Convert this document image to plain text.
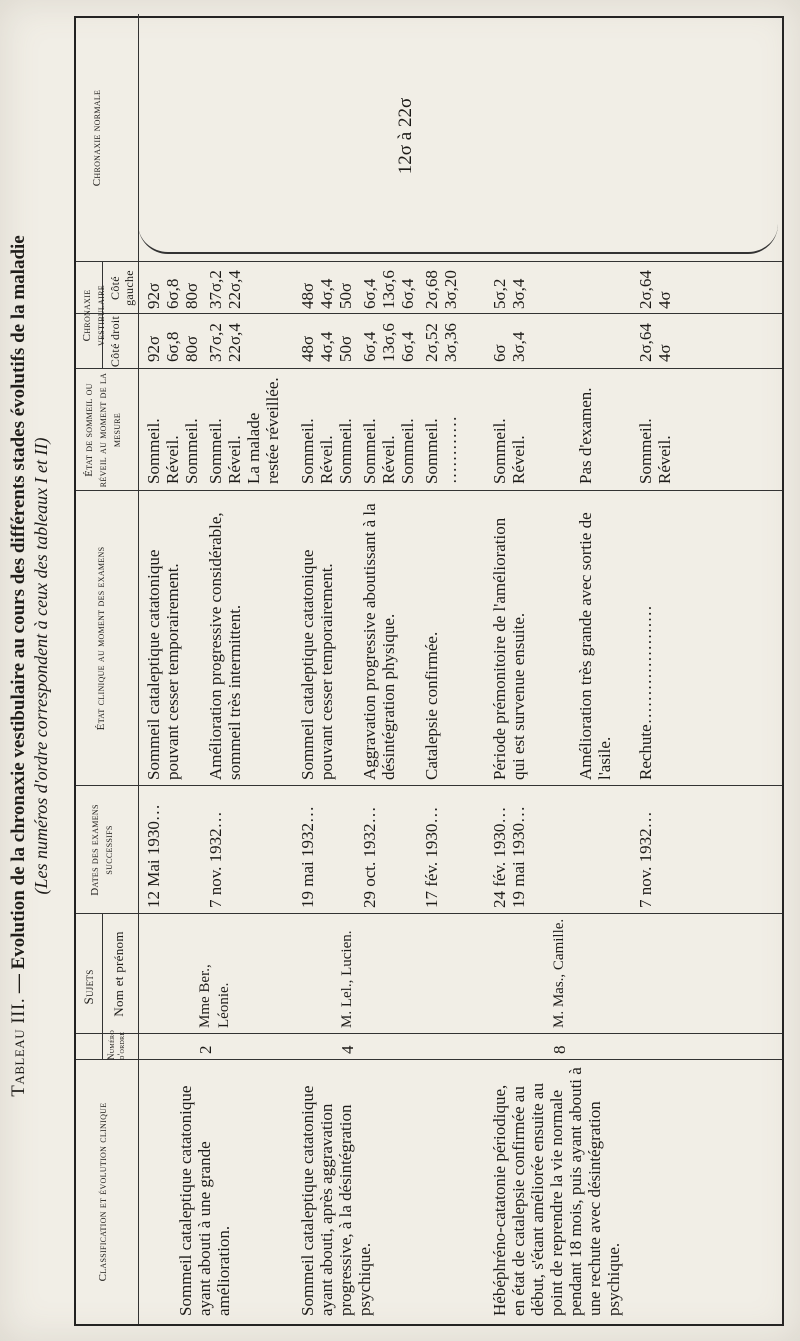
Tableau III. — Evolution de la chronaxie vestibulaire au cours des différents stades évolutifs de la maladie (Les numéros d'ordre correspondent à ceux des tableaux I et II)
Classification et évolution clinique
Sujets
Numéro d'ordre
Nom et prénom
Dates des examens successifs
État clinique au moment des examens
État de sommeil ou réveil au moment de la mesure
Chronaxie vestibulaire Côté droit
Côté gauche
Chronaxie normale	12σ à 22σ
Sommeil cataleptique catatonique ayant abouti à une grande amélioration.
2
Mme Ber., Léonie.
12 Mai 1930…
Sommeil cataleptique catatonique pouvant cesser temporairement.
Sommeil. Réveil. Sommeil.
92σ 6σ,8 80σ
92σ 6σ,8 80σ
7 nov. 1932…
Amélioration progressive considérable, sommeil très intermittent.
Sommeil. Réveil. La malade restée réveillée.
37σ,2 22σ,4
37σ,2 22σ,4
Sommeil cataleptique catatonique ayant abouti, après aggravation progressive, à la désintégration psychique.
4
M. Lel., Lucien.
19 mai 1932…
Sommeil cataleptique catatonique pouvant cesser temporairement.
Sommeil. Réveil. Sommeil.
48σ 4σ,4 50σ
48σ 4σ,4 50σ
29 oct. 1932…
Aggravation progressive aboutissant à la désintégration physique.
Sommeil. Réveil. Sommeil.
6σ,4 13σ,6 6σ,4
6σ,4 13σ,6 6σ,4
17 fév. 1930…
Catalepsie confirmée.
Sommeil. …………
2σ,52 3σ,36
2σ,68 3σ,20
Hébéphréno-catatonie périodique, en état de catalepsie confirmée au début, s'étant améliorée ensuite au point de reprendre la vie normale pendant 18 mois, puis ayant abouti à une rechute avec désintégration psychique.
8
M. Mas., Camille.
24 fév. 1930… 19 mai 1930…
Période prémonitoire de l'amélioration qui est survenue ensuite.
Sommeil. Réveil.
6σ 3σ,4
5σ,2 3σ,4
Amélioration très grande avec sortie de l'asile.
Pas d'examen.
7 nov. 1932…
Rechute…………………
Sommeil. Réveil.
2σ,64 4σ
2σ,64 4σ
